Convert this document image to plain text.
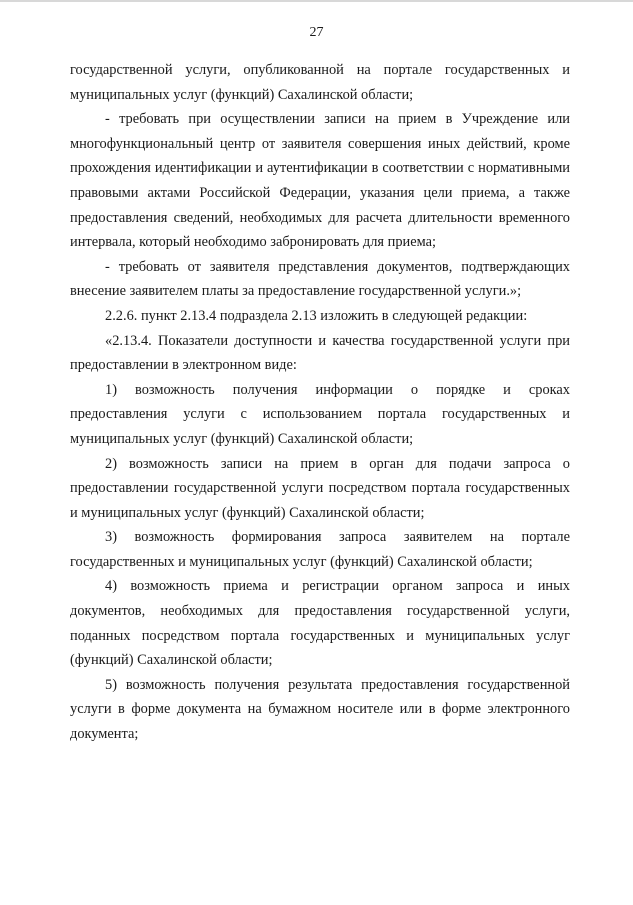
27

государственной услуги, опубликованной на портале государственных и муниципальных услуг (функций) Сахалинской области;

- требовать при осуществлении записи на прием в Учреждение или многофункциональный центр от заявителя совершения иных действий, кроме прохождения идентификации и аутентификации в соответствии с нормативными правовыми актами Российской Федерации, указания цели приема, а также предоставления сведений, необходимых для расчета длительности временного интервала, который необходимо забронировать для приема;

- требовать от заявителя представления документов, подтверждающих внесение заявителем платы за предоставление государственной услуги.»;

2.2.6. пункт 2.13.4 подраздела 2.13 изложить в следующей редакции:

«2.13.4. Показатели доступности и качества государственной услуги при предоставлении в электронном виде:

1) возможность получения информации о порядке и сроках предоставления услуги с использованием портала государственных и муниципальных услуг (функций) Сахалинской области;

2) возможность записи на прием в орган для подачи запроса о предоставлении государственной услуги посредством портала государственных и муниципальных услуг (функций) Сахалинской области;

3) возможность формирования запроса заявителем на портале государственных и муниципальных услуг (функций) Сахалинской области;

4) возможность приема и регистрации органом запроса и иных документов, необходимых для предоставления государственной услуги, поданных посредством портала государственных и муниципальных услуг (функций) Сахалинской области;

5) возможность получения результата предоставления государственной услуги в форме документа на бумажном носителе или в форме электронного документа;
